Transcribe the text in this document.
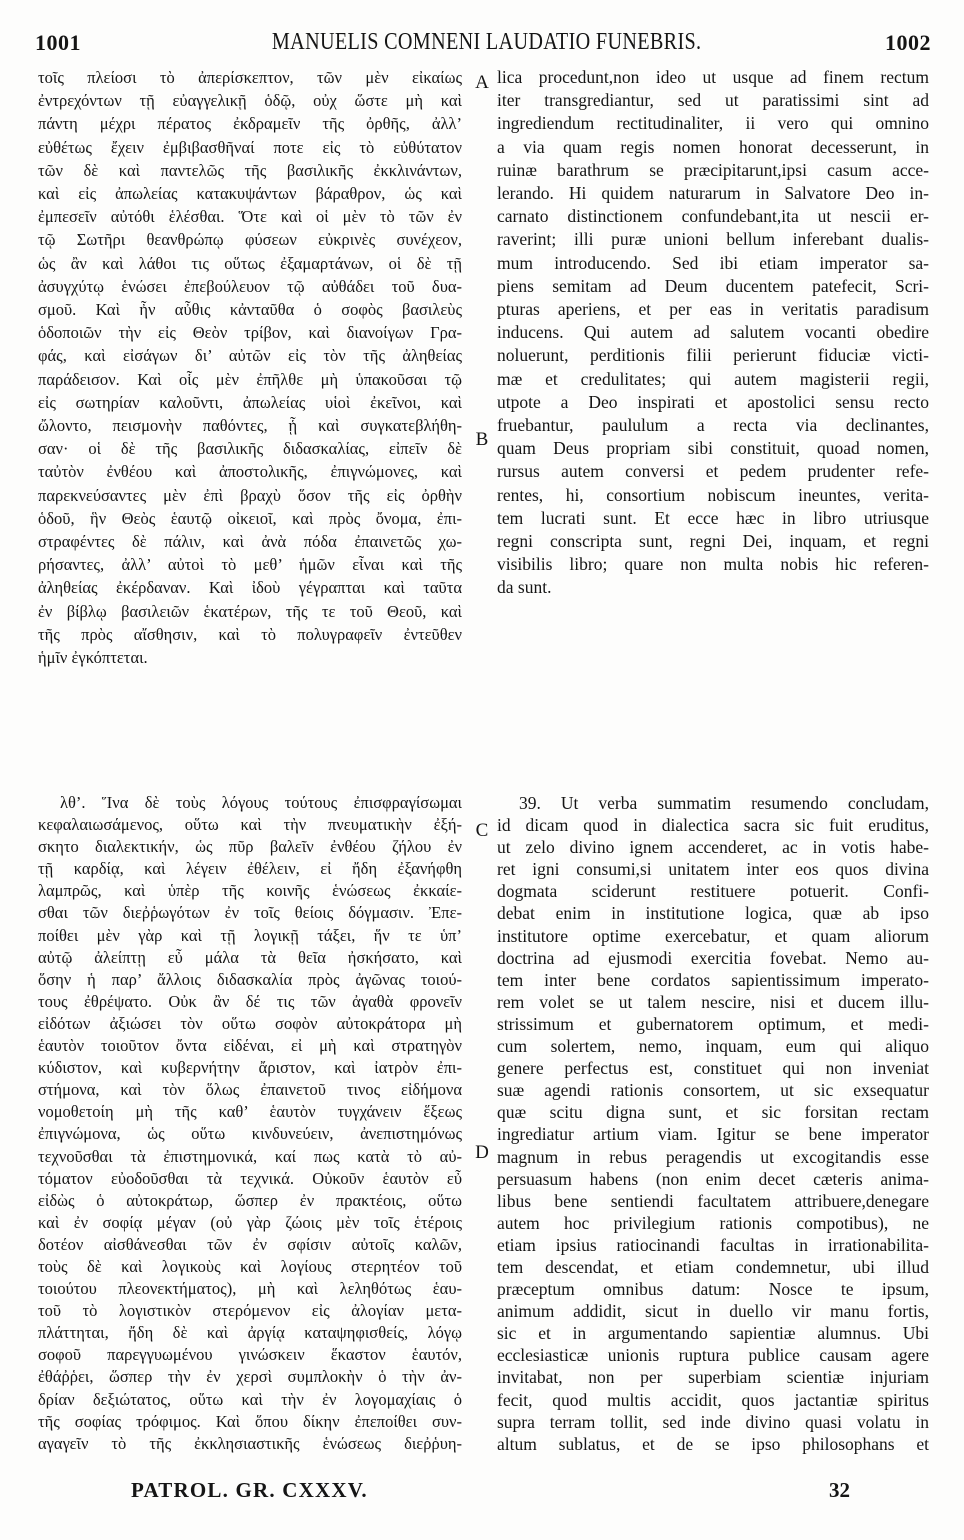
1001	MANUELIS COMNENI LAUDATIO FUNEBRIS.	1002
τοῖς πλείοσι τὸ ἀπερίσκεπτον, τῶν μὲν εἰκαίως
ἐντρεχόντων τῇ εὐαγγελικῇ ὁδῷ, οὐχ ὥστε μὴ καὶ
πάντη μέχρι πέρατος ἐκδραμεῖν τῆς ὀρθῆς, ἀλλ’
εὐθέτως ἔχειν ἐμβιβασθῆναί ποτε εἰς τὸ εὐθύτατον
τῶν δὲ καὶ παντελῶς τῆς βασιλικῆς ἐκκλινάντων,
καὶ εἰς ἀπωλείας κατακυψάντων βάραθρον, ὡς καὶ
ἐμπεσεῖν αὐτόθι ἑλέσθαι. Ὅτε καὶ οἱ μὲν τὸ τῶν ἐν
τῷ Σωτῆρι θεανθρώπῳ φύσεων εὐκρινὲς συνέχεον,
ὡς ἂν καὶ λάθοι τις οὕτως ἐξαμαρτάνων, οἱ δὲ τῇ
ἀσυγχύτῳ ἑνώσει ἐπεβούλευον τῷ αὐθάδει τοῦ δυα-
σμοῦ. Καὶ ἦν αὖθις κἀνταῦθα ὁ σοφὸς βασιλεὺς
ὁδοποιῶν τὴν εἰς Θεὸν τρίβον, καὶ διανοίγων Γρα-
φάς, καὶ εἰσάγων δι’ αὐτῶν εἰς τὸν τῆς ἀληθείας
παράδεισον. Καὶ οἷς μὲν ἐπῆλθε μὴ ὑπακοῦσαι τῷ
εἰς σωτηρίαν καλοῦντι, ἀπωλείας υἱοὶ ἐκεῖνοι, καὶ
ὤλοντο, πεισμονὴν παθόντες, ᾗ καὶ συγκατεβλήθη-
σαν· οἱ δὲ τῆς βασιλικῆς διδασκαλίας, εἰπεῖν δὲ
ταὐτὸν ἐνθέου καὶ ἀποστολικῆς, ἐπιγνώμονες, καὶ
παρεκνεύσαντες μὲν ἐπὶ βραχὺ ὅσον τῆς εἰς ὀρθὴν
ὁδοῦ, ἣν Θεὸς ἑαυτῷ οἰκειοῖ, καὶ πρὸς ὄνομα, ἐπι-
στραφέντες δὲ πάλιν, καὶ ἀνὰ πόδα ἐπαινετῶς χω-
ρήσαντες, ἀλλ’ αὐτοὶ τὸ μεθ’ ἡμῶν εἶναι καὶ τῆς
ἀληθείας ἐκέρδαναν. Καὶ ἰδοὺ γέγραπται καὶ ταῦτα
ἐν βίβλῳ βασιλειῶν ἑκατέρων, τῆς τε τοῦ Θεοῦ, καὶ
τῆς πρὸς αἴσθησιν, καὶ τὸ πολυγραφεῖν ἐντεῦθεν
ἡμῖν ἐγκόπτεται.
lica procedunt,non ideo ut usque ad finem rectum
iter transgrediantur, sed ut paratissimi sint ad
ingrediendum rectitudinaliter, ii vero qui omnino
a via quam regis nomen honorat decesserunt, in
ruinæ barathrum se præcipitarunt,ipsi casum acce-
lerando. Hi quidem naturarum in Salvatore Deo in-
carnato distinctionem confundebant,ita ut nescii er-
raverint; illi puræ unioni bellum inferebant dualis-
mum introducendo. Sed ibi etiam imperator sa-
piens semitam ad Deum ducentem patefecit, Scri-
pturas aperiens, et per eas in veritatis paradisum
inducens. Qui autem ad salutem vocanti obedire
noluerunt, perditionis filii perierunt fiduciæ victi-
mæ et credulitates; qui autem magisterii regii,
utpote a Deo inspirati et apostolici sensu recto
fruebantur, paululum a recta via declinantes,
quam Deus propriam sibi constituit, quoad nomen,
rursus autem conversi et pedem prudenter refe-
rentes, hi, consortium nobiscum ineuntes, verita-
tem lucrati sunt. Et ecce hæc in libro utriusque
regni conscripta sunt, regni Dei, inquam, et regni
visibilis libro; quare non multa nobis hic referen-
da sunt.
A
B
C
D
λθ’. Ἵνα δὲ τοὺς λόγους τούτους ἐπισφραγίσωμαι
κεφαλαιωσάμενος, οὕτω καὶ τὴν πνευματικὴν ἐξή-
σκητο διαλεκτικήν, ὡς πῦρ βαλεῖν ἐνθέου ζήλου ἐν
τῇ καρδίᾳ, καὶ λέγειν ἐθέλειν, εἰ ἤδη ἐξανήφθη
λαμπρῶς, καὶ ὑπὲρ τῆς κοινῆς ἑνώσεως ἐκκαίε-
σθαι τῶν διεῤῥωγότων ἐν τοῖς θείοις δόγμασιν. Ἐπε-
ποίθει μὲν γὰρ καὶ τῇ λογικῇ τάξει, ἥν τε ὑπ’
αὐτῷ ἀλείπτῃ εὖ μάλα τὰ θεῖα ἠσκήσατο, καὶ
ὅσην ἡ παρ’ ἄλλοις διδασκαλία πρὸς ἀγῶνας τοιού-
τους ἐθρέψατο. Οὐκ ἂν δέ τις τῶν ἀγαθὰ φρονεῖν
εἰδότων ἀξιώσει τὸν οὕτω σοφὸν αὐτοκράτορα μὴ
ἑαυτὸν τοιοῦτον ὄντα εἰδέναι, εἰ μὴ καὶ στρατηγὸν
κύδιστον, καὶ κυβερνήτην ἄριστον, καὶ ἰατρὸν ἐπι-
στήμονα, καὶ τὸν ὅλως ἐπαινετοῦ τινος εἰδήμονα
νομοθετοίη μὴ τῆς καθ’ ἑαυτὸν τυγχάνειν ἕξεως
ἐπιγνώμονα, ὡς οὕτω κινδυνεύειν, ἀνεπιστημόνως
τεχνοῦσθαι τὰ ἐπιστημονικά, καί πως κατὰ τὸ αὐ-
τόματον εὐοδοῦσθαι τὰ τεχνικά. Οὐκοῦν ἑαυτὸν εὖ
εἰδὼς ὁ αὐτοκράτωρ, ὥσπερ ἐν πρακτέοις, οὕτω
καὶ ἐν σοφίᾳ μέγαν (οὐ γὰρ ζώοις μὲν τοῖς ἑτέροις
δοτέον αἰσθάνεσθαι τῶν ἐν σφίσιν αὐτοῖς καλῶν,
τοὺς δὲ καὶ λογικοὺς καὶ λογίους στερητέον τοῦ
τοιούτου πλεονεκτήματος), μὴ καὶ λεληθότως ἑαυ-
τοῦ τὸ λογιστικὸν στερόμενον εἰς ἀλογίαν μετα-
πλάττηται, ἤδη δὲ καὶ ἀργίᾳ καταψηφισθείς, λόγῳ
σοφοῦ παρεγγυωμένου γινώσκειν ἕκαστον ἑαυτόν,
ἐθάῤῥει, ὥσπερ τὴν ἐν χερσὶ συμπλοκὴν ὁ τὴν ἀν-
δρίαν δεξιώτατος, οὕτω καὶ τὴν ἐν λογομαχίαις ὁ
τῆς σοφίας τρόφιμος. Καὶ ὅπου δίκην ἐπεποίθει συν-
αγαγεῖν τὸ τῆς ἐκκλησιαστικῆς ἑνώσεως διεῤῥυη-
39. Ut verba summatim resumendo concludam,
id dicam quod in dialectica sacra sic fuit eruditus,
ut zelo divino ignem accenderet, ac in votis habe-
ret igni consumi,si unitatem inter eos quos divina
dogmata sciderunt restituere potuerit. Confi-
debat enim in institutione logica, quæ ab ipso
institutore optime exercebatur, et quam aliorum
doctrina ad ejusmodi exercitia fovebat. Nemo au-
tem inter bene cordatos sapientissimum imperato-
rem volet se ut talem nescire, nisi et ducem illu-
strissimum et gubernatorem optimum, et medi-
cum solertem, nemo, inquam, eum qui aliquo
genere perfectus est, constituet qui non inveniat
suæ agendi rationis consortem, ut sic exsequatur
quæ scitu digna sunt, et sic forsitan rectam
ingrediatur artium viam. Igitur se bene imperator
magnum in rebus peragendis ut excogitandis esse
persuasum habens (non enim decet cæteris anima-
libus bene sentiendi facultatem attribuere,denegare
autem hoc privilegium rationis compotibus), ne
etiam ipsius ratiocinandi facultas in irrationabilita-
tem descendat, et etiam condemnetur, ubi illud
præceptum omnibus datum: Nosce te ipsum,
animum addidit, sicut in duello vir manu fortis,
sic et in argumentando sapientiæ alumnus. Ubi
ecclesiasticæ unionis ruptura publice causam agere
invitabat, non per superbiam scientiæ injuriam
fecit, quod multis accidit, quos jactantiæ spiritus
supra terram tollit, sed inde divino quasi volatu in
altum sublatus, et de se ipso philosophans et
PATROL. GR. CXXXV.	32
